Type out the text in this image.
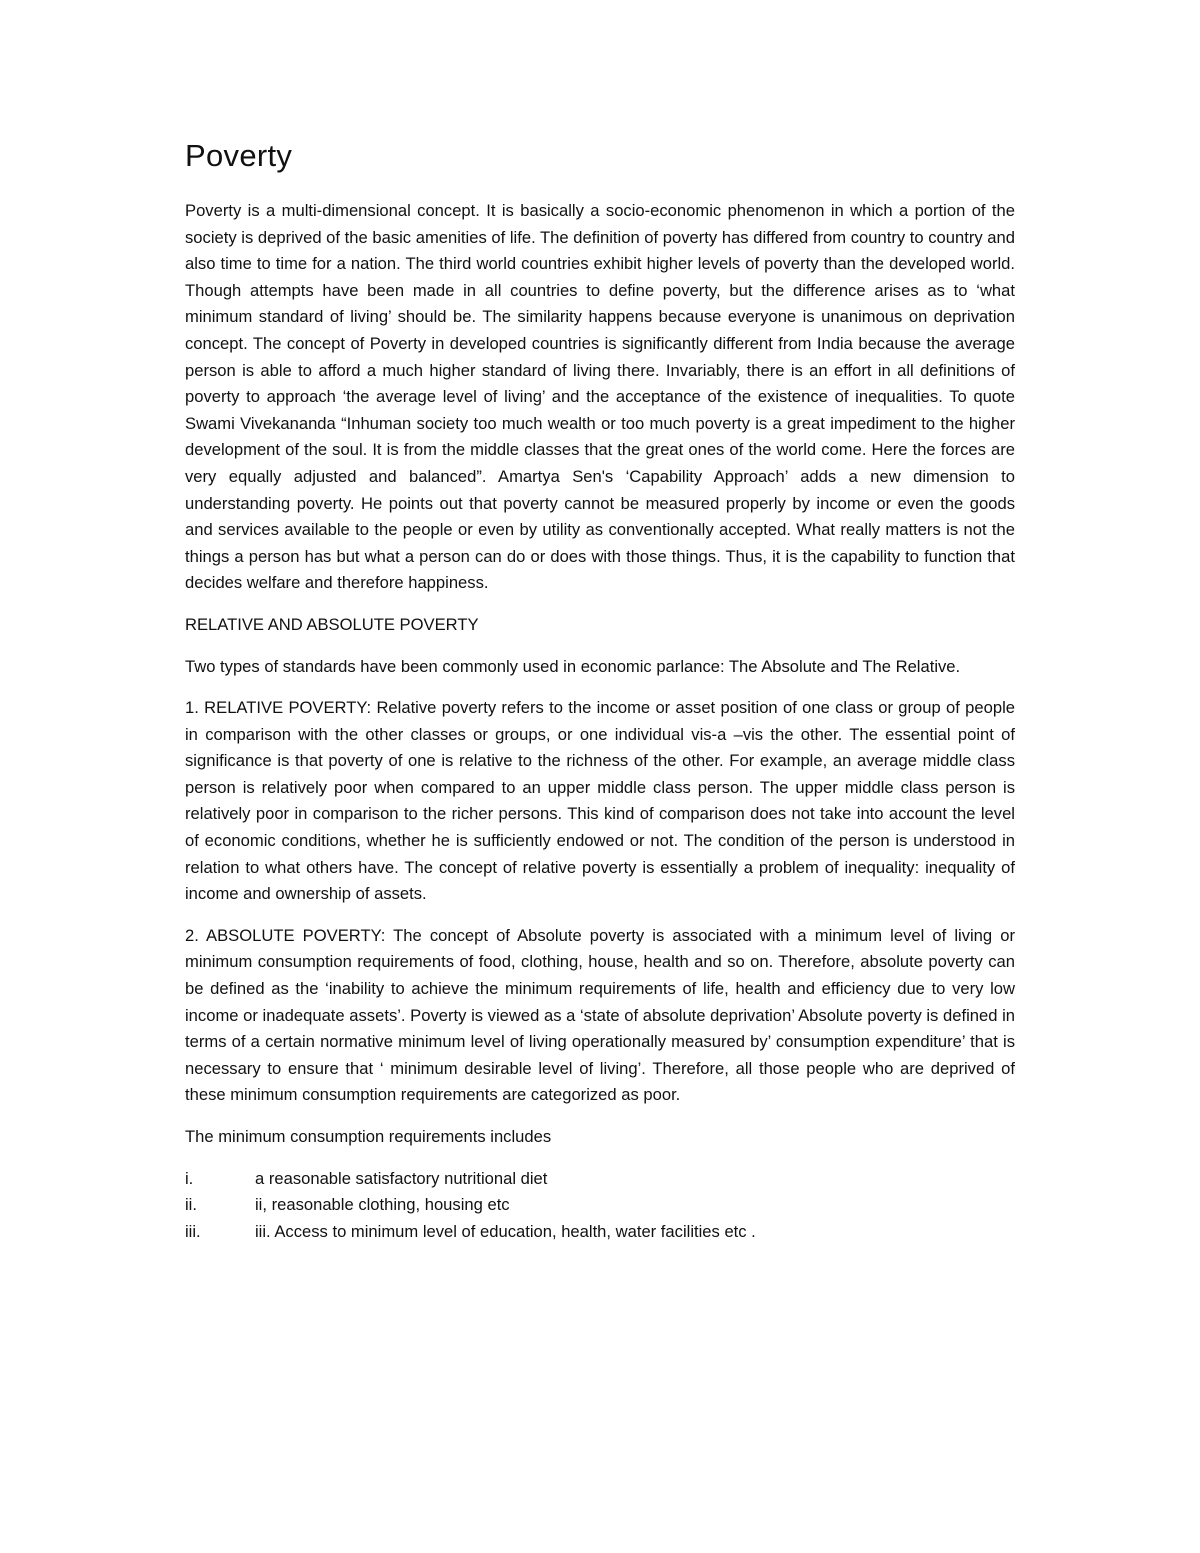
Poverty

Poverty is a multi-dimensional concept. It is basically a socio-economic phenomenon in which a portion of the society is deprived of the basic amenities of life. The definition of poverty has differed from country to country and also time to time for a nation. The third world countries exhibit higher levels of poverty than the developed world. Though attempts have been made in all countries to define poverty, but the difference arises as to ‘what minimum standard of living’ should be. The similarity happens because everyone is unanimous on deprivation concept. The concept of Poverty in developed countries is significantly different from India because the average person is able to afford a much higher standard of living there. Invariably, there is an effort in all definitions of poverty to approach ‘the average level of living’ and the acceptance of the existence of inequalities. To quote Swami Vivekananda “Inhuman society too much wealth or too much poverty is a great impediment to the higher development of the soul. It is from the middle classes that the great ones of the world come. Here the forces are very equally adjusted and balanced”. Amartya Sen's ‘Capability Approach’ adds a new dimension to understanding poverty. He points out that poverty cannot be measured properly by income or even the goods and services available to the people or even by utility as conventionally accepted. What really matters is not the things a person has but what a person can do or does with those things. Thus, it is the capability to function that decides welfare and therefore happiness.

RELATIVE AND ABSOLUTE POVERTY

Two types of standards have been commonly used in economic parlance: The Absolute and The Relative.

1. RELATIVE POVERTY: Relative poverty refers to the income or asset position of one class or group of people in comparison with the other classes or groups, or one individual vis-a –vis the other. The essential point of significance is that poverty of one is relative to the richness of the other. For example, an average middle class person is relatively poor when compared to an upper middle class person. The upper middle class person is relatively poor in comparison to the richer persons. This kind of comparison does not take into account the level of economic conditions, whether he is sufficiently endowed or not. The condition of the person is understood in relation to what others have. The concept of relative poverty is essentially a problem of inequality: inequality of income and ownership of assets.

2. ABSOLUTE POVERTY: The concept of Absolute poverty is associated with a minimum level of living or minimum consumption requirements of food, clothing, house, health and so on. Therefore, absolute poverty can be defined as the ‘inability to achieve the minimum requirements of life, health and efficiency due to very low income or inadequate assets’. Poverty is viewed as a ‘state of absolute deprivation’ Absolute poverty is defined in terms of a certain normative minimum level of living operationally measured by’ consumption expenditure’ that is necessary to ensure that ‘ minimum desirable level of living’. Therefore, all those people who are deprived of these minimum consumption requirements are categorized as poor.

The minimum consumption requirements includes

i.	a reasonable satisfactory nutritional diet
ii.	ii, reasonable clothing, housing etc
iii.	iii. Access to minimum level of education, health, water facilities etc .
